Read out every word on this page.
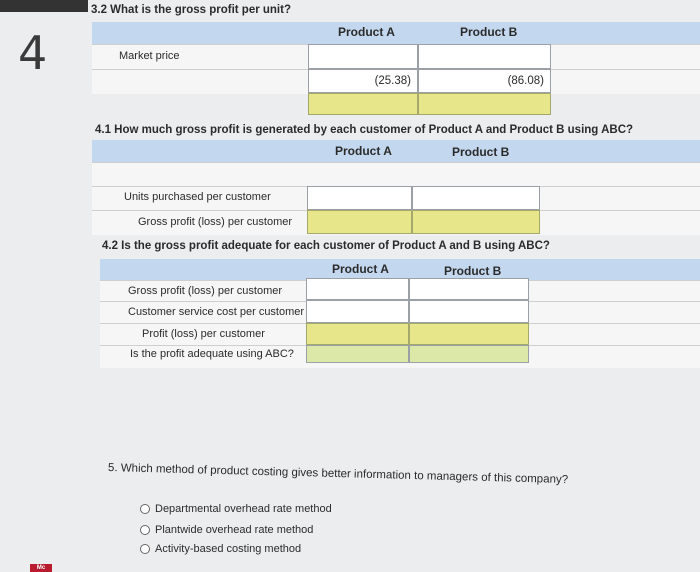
4
3.2 What is the gross profit per unit?
Product A	Product B
Market price
(25.38)	(86.08)
4.1 How much gross profit is generated by each customer of Product A and Product B using ABC?
Product A	Product B
Units purchased per customer
Gross profit (loss) per customer
4.2 Is the gross profit adequate for each customer of Product A and B using ABC?
Product A	Product B
Gross profit (loss) per customer
Customer service cost per customer
Profit (loss) per customer
Is the profit adequate using ABC?
5. Which method of product costing gives better information to managers of this company?
Departmental overhead rate method
Plantwide overhead rate method
Activity-based costing method
Mc
